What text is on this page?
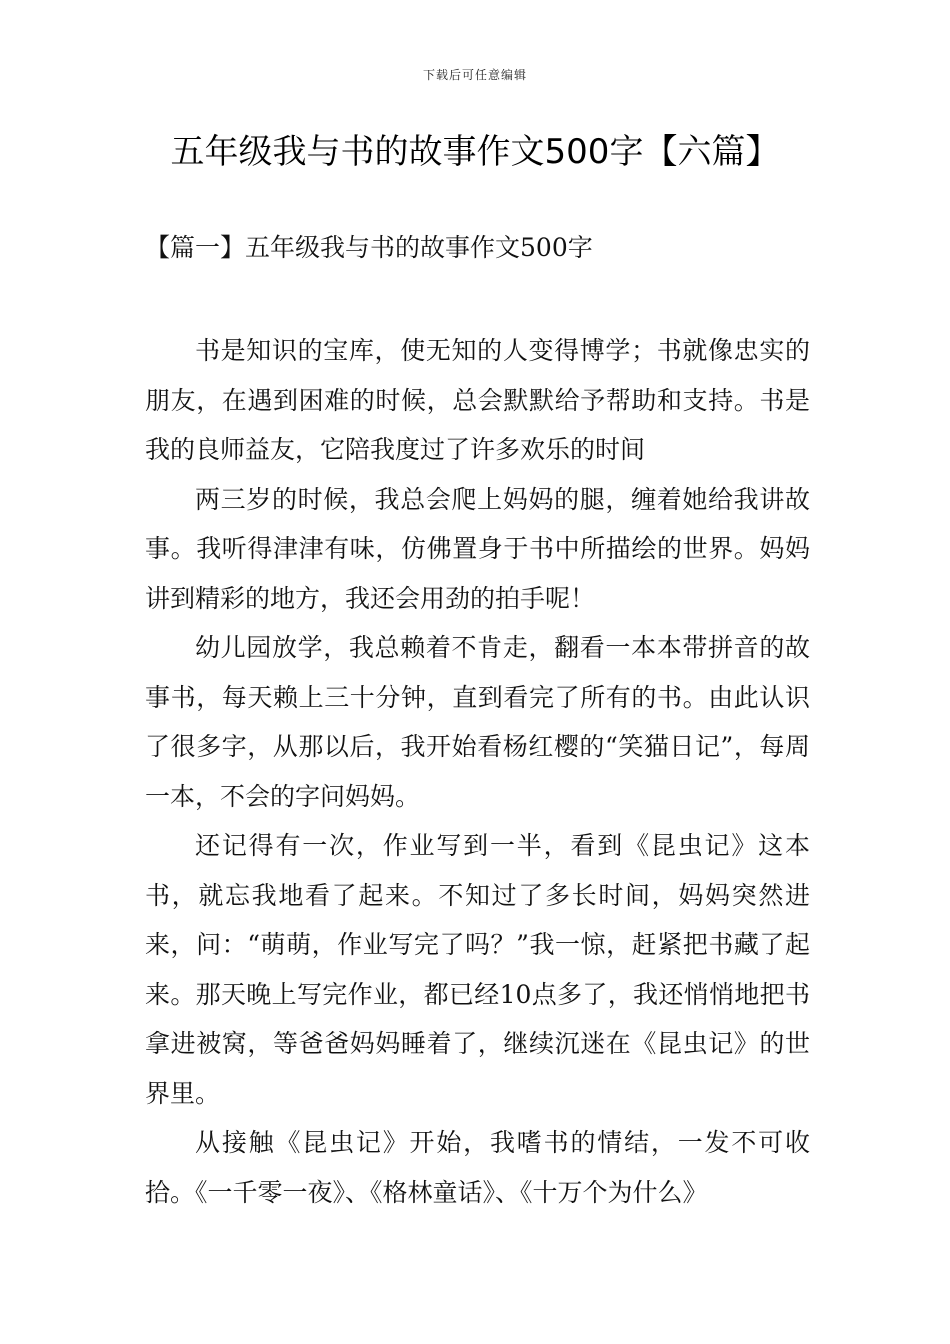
下载后可任意编辑
五年级我与书的故事作文500字【六篇】
【篇一】五年级我与书的故事作文500字

书是知识的宝库，使无知的人变得博学；书就像忠实的朋友，在遇到困难的时候，总会默默给予帮助和支持。书是我的良师益友，它陪我度过了许多欢乐的时间

两三岁的时候，我总会爬上妈妈的腿，缠着她给我讲故事。我听得津津有味，仿佛置身于书中所描绘的世界。妈妈讲到精彩的地方，我还会用劲的拍手呢！

幼儿园放学，我总赖着不肯走，翻看一本本带拼音的故事书，每天赖上三十分钟，直到看完了所有的书。由此认识了很多字，从那以后，我开始看杨红樱的“笑猫日记”，每周一本，不会的字问妈妈。

还记得有一次，作业写到一半，看到《昆虫记》这本书，就忘我地看了起来。不知过了多长时间，妈妈突然进来，问：“萌萌，作业写完了吗？”我一惊，赶紧把书藏了起来。那天晚上写完作业，都已经10点多了，我还悄悄地把书拿进被窝，等爸爸妈妈睡着了，继续沉迷在《昆虫记》的世界里。

从接触《昆虫记》开始，我嗜书的情结，一发不可收拾。《一千零一夜》、《格林童话》、《十万个为什么》
